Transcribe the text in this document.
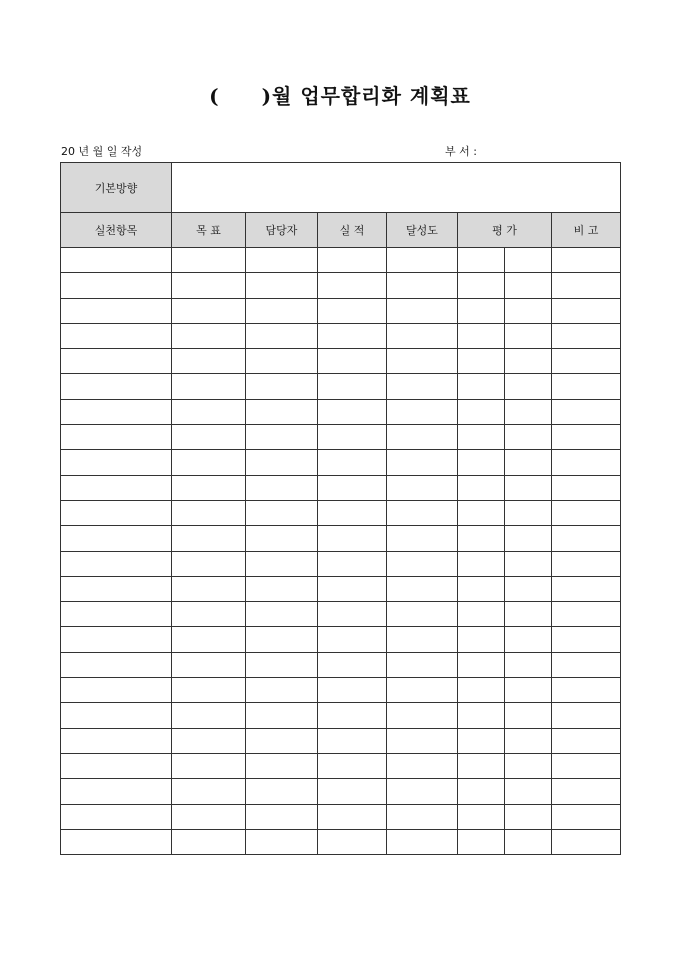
(　　)월 업무합리화 계획표
20 년 월 일 작성	부 서 :
기본방향							
실천항목	목 표	담당자	실 적	달성도	평 가		비 고
